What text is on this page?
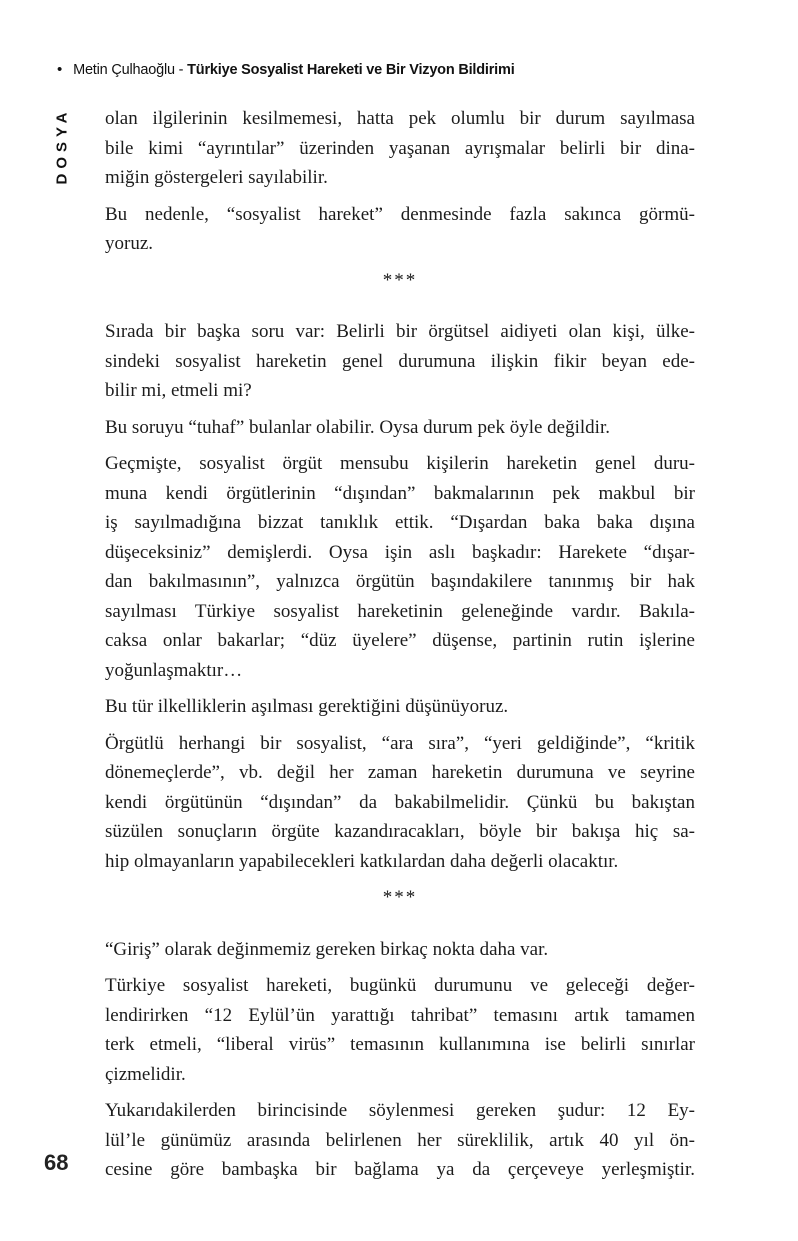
• Metin Çulhaoğlu - Türkiye Sosyalist Hareketi ve Bir Vizyon Bildirimi
DOSYA olan ilgilerinin kesilmemesi, hatta pek olumlu bir durum sayılmasa
bile kimi “ayrıntılar” üzerinden yaşanan ayrışmalar belirli bir dina-
miğin göstergeleri sayılabilir.
Bu nedenle, “sosyalist hareket” denmesinde fazla sakınca görmü-
yoruz.
***
Sırada bir başka soru var: Belirli bir örgütsel aidiyeti olan kişi, ülke-
sindeki sosyalist hareketin genel durumuna ilişkin fikir beyan ede-
bilir mi, etmeli mi?
Bu soruyu “tuhaf” bulanlar olabilir. Oysa durum pek öyle değildir.
Geçmişte, sosyalist örgüt mensubu kişilerin hareketin genel duru-
muna kendi örgütlerinin “dışından” bakmalarının pek makbul bir
iş sayılmadığına bizzat tanıklık ettik. “Dışardan baka baka dışına
düşeceksiniz” demişlerdi. Oysa işin aslı başkadır: Harekete “dışar-
dan bakılmasının”, yalnızca örgütün başındakilere tanınmış bir hak
sayılması Türkiye sosyalist hareketinin geleneğinde vardır. Bakıla-
caksa onlar bakarlar; “düz üyelere” düşense, partinin rutin işlerine
yoğunlaşmaktır…
Bu tür ilkelliklerin aşılması gerektiğini düşünüyoruz.
Örgütlü herhangi bir sosyalist, “ara sıra”, “yeri geldiğinde”, “kritik
dönemeçlerde”, vb. değil her zaman hareketin durumuna ve seyrine
kendi örgütünün “dışından” da bakabilmelidir. Çünkü bu bakıştan
süzülen sonuçların örgüte kazandıracakları, böyle bir bakışa hiç sa-
hip olmayanların yapabilecekleri katkılardan daha değerli olacaktır.
***
“Giriş” olarak değinmemiz gereken birkaç nokta daha var.
Türkiye sosyalist hareketi, bugünkü durumunu ve geleceği değer-
lendirirken “12 Eylül’ün yarattığı tahribat” temasını artık tamamen
terk etmeli, “liberal virüs” temasının kullanımına ise belirli sınırlar
çizmelidir.
Yukarıdakilerden birincisinde söylenmesi gereken şudur: 12 Ey-
lül’le günümüz arasında belirlenen her süreklilik, artık 40 yıl ön-
cesine göre bambaşka bir bağlama ya da çerçeveye yerleşmiştir.
68
